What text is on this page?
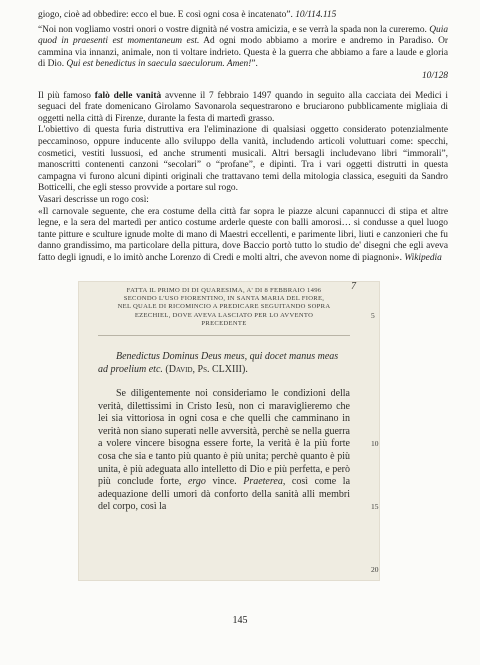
giogo, cioè ad obbedire: ecco el bue. E così ogni cosa è incatenato”. 10/114.115

“Noi non vogliamo vostri onori o vostre dignità né vostra amicizia, e se verrà la spada non la cureremo. Quia quod in praesenti est momentaneum est. Ad ogni modo abbiamo a morire e andremo in Paradiso. Or cammina via innanzi, animale, non ti voltare indrieto. Questa è la guerra che abbiamo a fare a laude e gloria di Dio. Qui est benedictus in saecula saeculorum. Amen!”.

10/128

Il più famoso falò delle vanità avvenne il 7 febbraio 1497 quando in seguito alla cacciata dei Medici i seguaci del frate domenicano Girolamo Savonarola sequestrarono e bruciarono pubblicamente migliaia di oggetti nella città di Firenze, durante la festa di martedì grasso.

L'obiettivo di questa furia distruttiva era l'eliminazione di qualsiasi oggetto considerato potenzialmente peccaminoso, oppure inducente allo sviluppo della vanità, includendo articoli voluttuari come: specchi, cosmetici, vestiti lussuosi, ed anche strumenti musicali. Altri bersagli includevano libri “immorali”, manoscritti contenenti canzoni “secolari” o “profane”, e dipinti. Tra i vari oggetti distrutti in questa campagna vi furono alcuni dipinti originali che trattavano temi della mitologia classica, eseguiti da Sandro Botticelli, che egli stesso provvide a portare sul rogo.

Vasari descrisse un rogo così:

«Il carnovale seguente, che era costume della città far sopra le piazze alcuni capannucci di stipa et altre legne, e la sera del martedì per antico costume arderle queste con balli amorosi… si condusse a quel luogo tante pitture e sculture ignude molte di mano di Maestri eccellenti, e parimente libri, liuti e canzonieri che fu danno grandissimo, ma particolare della pittura, dove Baccio portò tutto lo studio de' disegni che egli aveva fatto degli ignudi, e lo imitò anche Lorenzo di Credi e molti altri, che avevon nome di piagnoni». Wikipedia

FATTA IL PRIMO DI DI QUARESIMA, A' DI 8 FEBBRAIO 1496
SECONDO L'USO FIORENTINO, IN SANTA MARIA DEL FIORE,
NEL QUALE DI RICOMINCIO A PREDICARE SEGUITANDO SOPRA
EZECHIEL, DOVE AVEVA LASCIATO PER LO AVVENTO
PRECEDENTE

Benedictus Dominus Deus meus, qui docet manus meas ad proelium etc. (David, Ps. CLXIII).

Se diligentemente noi consideriamo le condizioni della verità, dilettissimi in Cristo Iesù, non ci maraviglieremo che lei sia vittoriosa in ogni cosa e che quelli che camminano in verità non siano superati nelle avversità, perchè se nella guerra a volere vincere bisogna essere forte, la verità è la più forte cosa che sia e tanto più quanto è più unita; perchè quanto è più unita, è più adeguata allo intelletto di Dio e più perfetta, e però più conclude forte, ergo vince. Praeterea, così come la adequazione delli umori dà conforto della sanità alli membri del corpo, così la

7
5
10
15
20
145
